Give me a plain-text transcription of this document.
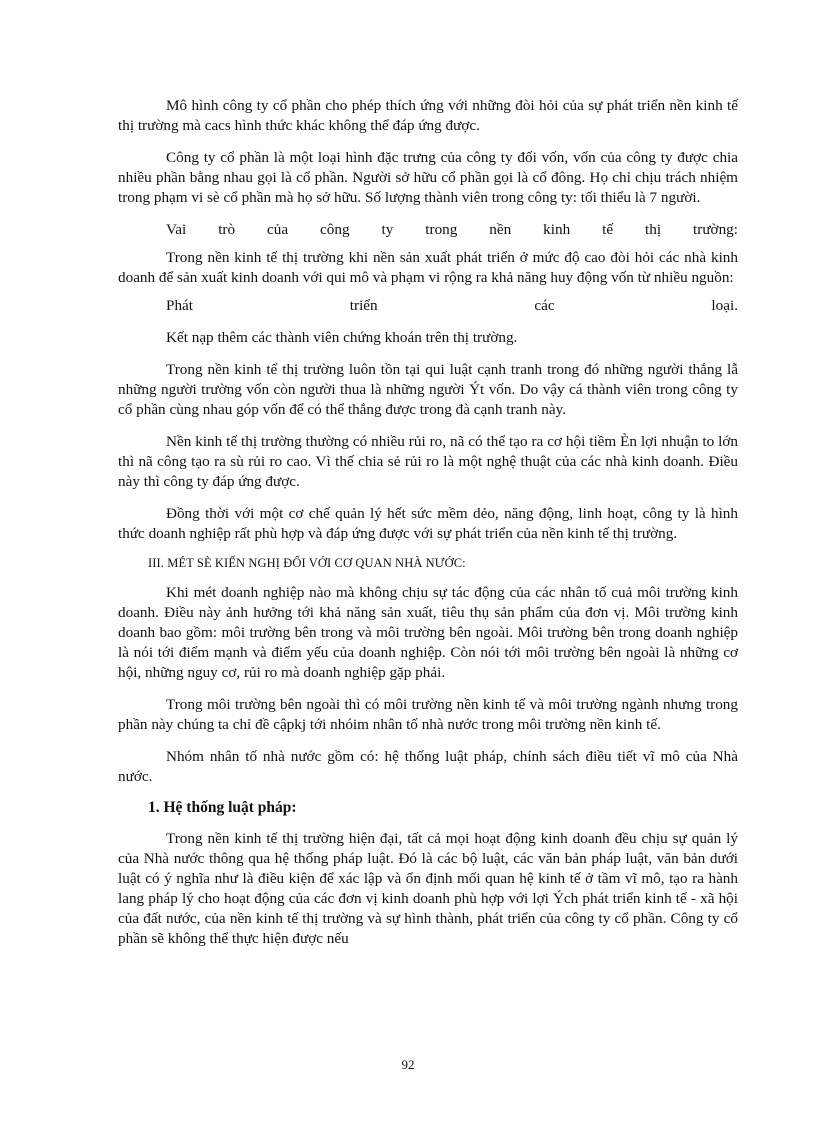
Mô hình công ty cổ phần cho phép thích ứng với những đòi hỏi của sự phát triển nền kinh tế thị trường mà cacs hình thức khác không thể đáp ứng được.

Công ty cổ phần là một loại hình đặc trưng của công ty đối vốn, vốn của công ty được chia nhiều phần bằng nhau gọi là cổ phần. Người sở hữu cổ phần gọi là cổ đông. Họ chỉ chịu trách nhiệm trong phạm vi sè cổ phần mà họ sở hữu. Số lượng thành viên trong công ty: tối thiểu là 7 người.

Vai trò của công ty trong nền kinh tế thị trường:

Trong nền kinh tế thị trường khi nền sản xuất phát triển ở mức độ cao đòi hỏi các nhà kinh doanh để sản xuất kinh doanh với qui mô và phạm vi rộng ra khả năng huy động vốn từ nhiều nguồn:

Phát triển các loại.

Kết nạp thêm các thành viên chứng khoán trên thị trường.

Trong nền kinh tế thị trường luôn tồn tại qui luật cạnh tranh trong đó những người thắng lẫ những người trường vốn còn người thua là những người Ýt vốn. Do vậy cá thành viên trong công ty cổ phần cùng nhau góp vốn để có thể thắng được trong đà cạnh tranh này.

Nền kinh tế thị trường thường có nhiều rủi ro, nã có thể tạo ra cơ hội tiềm Èn lợi nhuận to lớn thì nã công tạo ra sù rủi ro cao. Vì thế chia sẻ rủi ro là một nghệ thuật của các nhà kinh doanh. Điều này thì công ty đáp ứng được.

Đồng thời với một cơ chế quản lý hết sức mềm dẻo, năng động, linh hoạt, công ty là hình thức doanh nghiệp rất phù hợp và đáp ứng được với sự phát triển của nền kinh tế thị trường.

III. MÉT SÈ KIẾN NGHỊ ĐỐI VỚI CƠ QUAN NHÀ NƯỚC:

Khi mét doanh nghiệp nào mà không chịu sự tác động của các nhân tố cuả môi trường kinh doanh. Điều này ảnh hưởng tới khả năng sản xuất, tiêu thụ sản phẩm của đơn vị. Môi trường kinh doanh bao gồm: môi trường bên trong và môi trường bên ngoài. Môi trường bên trong doanh nghiệp là nói tới điểm mạnh và điểm yếu của doanh nghiệp. Còn nói tới môi trường bên ngoài là những cơ hội, những nguy cơ, rủi ro mà doanh nghiệp gặp phải.

Trong môi trường bên ngoài thì có môi trường nền kinh tế và môi trường ngành nhưng trong phần này chúng ta chỉ đề cậpkj tới nhóim nhân tố nhà nước trong môi trường nền kinh tế.

Nhóm nhân tố nhà nước gồm có: hệ thống luật pháp, chính sách điều tiết vĩ mô của Nhà nước.

1. Hệ thống luật pháp:

Trong nền kinh tế thị trường hiện đại, tất cả mọi hoạt động kinh doanh đều chịu sự quản lý của Nhà nước thông qua hệ thống pháp luật. Đó là các bộ luật, các văn bản pháp luật, văn bản dưới luật có ý nghĩa như là điều kiện để xác lập và ổn định mối quan hệ kinh tế ở tầm vĩ mô, tạo ra hành lang pháp lý cho hoạt động của các đơn vị kinh doanh phù hợp với lợi Ých phát triển kinh tế - xã hội của đất nước, của nền kinh tế thị trường và sự hình thành, phát triển của công ty cổ phần. Công ty cổ phần sẽ không thể thực hiện được nếu

92
